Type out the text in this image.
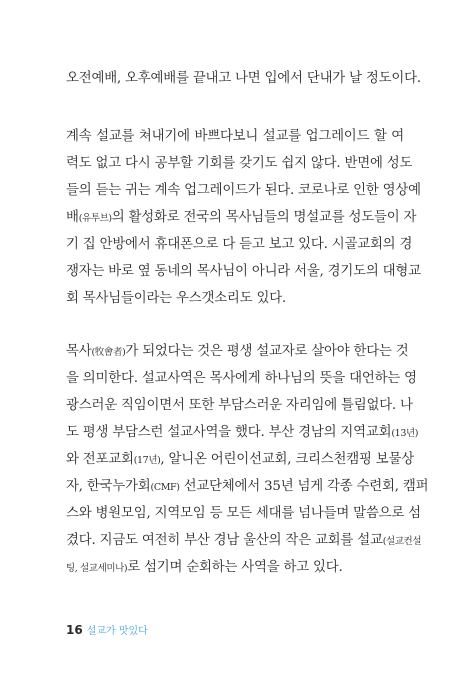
오전예배, 오후예배를 끝내고 나면 입에서 단내가 날 정도이다.
계속 설교를 쳐내기에 바쁘다보니 설교를 업그레이드 할 여
력도 없고 다시 공부할 기회를 갖기도 쉽지 않다. 반면에 성도
들의 듣는 귀는 계속 업그레이드가 된다. 코로나로 인한 영상예
배(유투브)의 활성화로 전국의 목사님들의 명설교를 성도들이 자
기 집 안방에서 휴대폰으로 다 듣고 보고 있다. 시골교회의 경
쟁자는 바로 옆 동네의 목사님이 아니라 서울, 경기도의 대형교
회 목사님들이라는 우스갯소리도 있다.
목사(牧會者)가 되었다는 것은 평생 설교자로 살아야 한다는 것
을 의미한다. 설교사역은 목사에게 하나님의 뜻을 대언하는 영
광스러운 직임이면서 또한 부담스러운 자리임에 틀림없다. 나
도 평생 부담스런 설교사역을 했다. 부산 경남의 지역교회(13년)
와 전포교회(17년), 알니온 어린이선교회, 크리스천캠핑 보물상
자, 한국누가회(CMF) 선교단체에서 35년 넘게 각종 수련회, 캠퍼
스와 병원모임, 지역모임 등 모든 세대를 넘나들며 말씀으로 섬
겼다. 지금도 여전히 부산 경남 울산의 작은 교회를 설교(설교컨설
팅, 설교세미나)로 섬기며 순회하는 사역을 하고 있다.
16 설교가 맛있다
